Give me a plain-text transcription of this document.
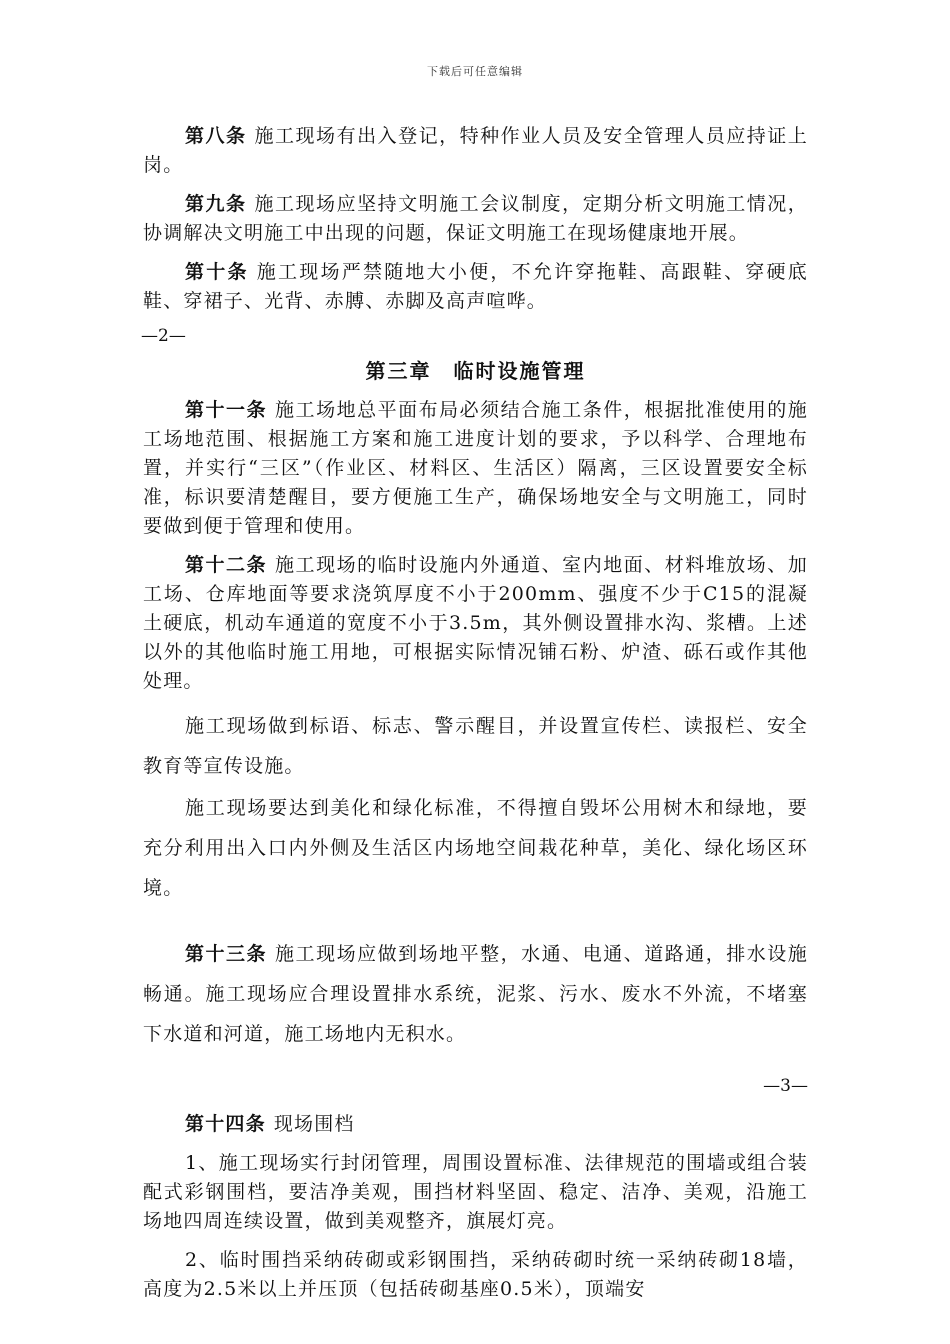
下载后可任意编辑

第八条 施工现场有出入登记，特种作业人员及安全管理人员应持证上岗。

第九条 施工现场应坚持文明施工会议制度，定期分析文明施工情况，协调解决文明施工中出现的问题，保证文明施工在现场健康地开展。

第十条 施工现场严禁随地大小便，不允许穿拖鞋、高跟鞋、穿硬底鞋、穿裙子、光背、赤膊、赤脚及高声喧哗。

—2—
第三章　临时设施管理

第十一条 施工场地总平面布局必须结合施工条件，根据批准使用的施工场地范围、根据施工方案和施工进度计划的要求，予以科学、合理地布置，并实行“三区”（作业区、材料区、生活区）隔离，三区设置要安全标准，标识要清楚醒目，要方便施工生产，确保场地安全与文明施工，同时要做到便于管理和使用。

第十二条 施工现场的临时设施内外通道、室内地面、材料堆放场、加工场、仓库地面等要求浇筑厚度不小于200mm、强度不少于C15的混凝土硬底，机动车通道的宽度不小于3.5m，其外侧设置排水沟、浆槽。上述以外的其他临时施工用地，可根据实际情况铺石粉、炉渣、砾石或作其他处理。

施工现场做到标语、标志、警示醒目，并设置宣传栏、读报栏、安全教育等宣传设施。

施工现场要达到美化和绿化标准，不得擅自毁坏公用树木和绿地，要充分利用出入口内外侧及生活区内场地空间栽花种草，美化、绿化场区环境。

第十三条 施工现场应做到场地平整，水通、电通、道路通，排水设施畅通。施工现场应合理设置排水系统，泥浆、污水、废水不外流，不堵塞下水道和河道，施工场地内无积水。

—3—

第十四条 现场围档

1、施工现场实行封闭管理，周围设置标准、法律规范的围墙或组合装配式彩钢围档，要洁净美观，围挡材料坚固、稳定、洁净、美观，沿施工场地四周连续设置，做到美观整齐，旗展灯亮。

2、临时围挡采纳砖砌或彩钢围挡，采纳砖砌时统一采纳砖砌18墙，高度为2.5米以上并压顶（包括砖砌基座0.5米），顶端安
